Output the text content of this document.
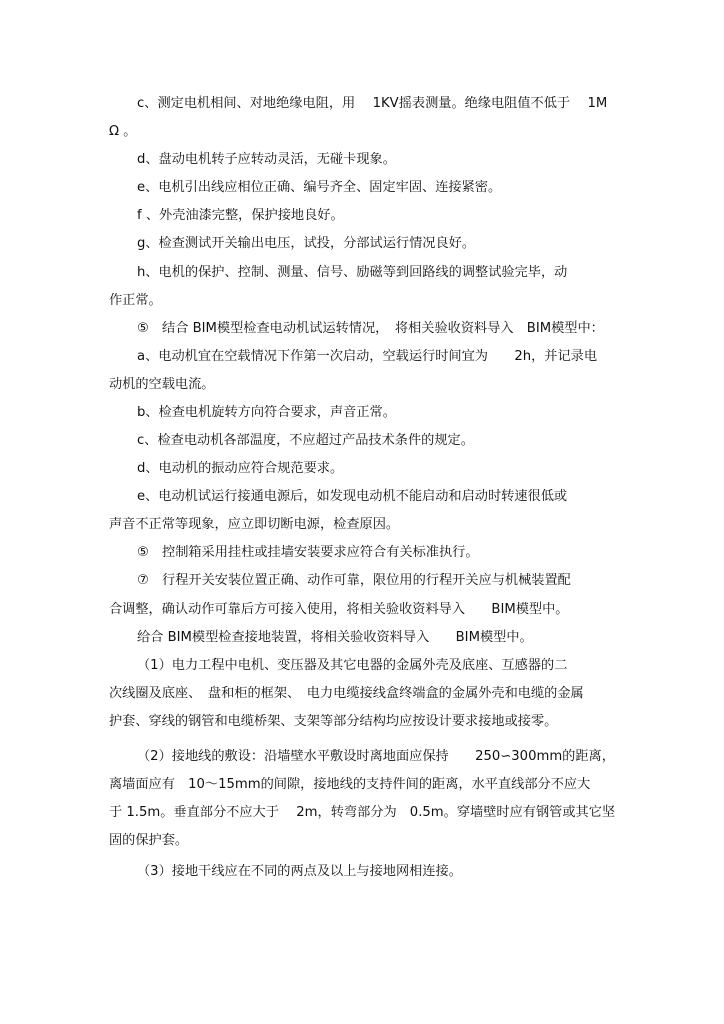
c、测定电机相间、对地绝缘电阻，用　 1KV摇表测量。绝缘电阻值不低于　 1M
Ω 。
d、盘动电机转子应转动灵活，无碰卡现象。
e、电机引出线应相位正确、编号齐全、固定牢固、连接紧密。
f 、外壳油漆完整，保护接地良好。
g、检查测试开关输出电压，试投，分部试运行情况良好。
h、电机的保护、控制、测量、信号、励磁等到回路线的调整试验完毕，动
作正常。
⑤　结合 BIM模型检查电动机试运转情况，　将相关验收资料导入　BIM模型中：
a、电动机宜在空载情况下作第一次启动，空载运行时间宜为　　2h，并记录电
动机的空载电流。
b、检查电机旋转方向符合要求，声音正常。
c、检查电动机各部温度，不应超过产品技术条件的规定。
d、电动机的振动应符合规范要求。
e、电动机试运行接通电源后，如发现电动机不能启动和启动时转速很低或
声音不正常等现象，应立即切断电源，检查原因。
⑤　控制箱采用挂柱或挂墙安装要求应符合有关标准执行。
⑦　行程开关安装位置正确、动作可靠，限位用的行程开关应与机械装置配
合调整，确认动作可靠后方可接入使用，将相关验收资料导入　　BIM模型中。
给合 BIM模型检查接地装置，将相关验收资料导入　　BIM模型中。
（1）电力工程中电机、变压器及其它电器的金属外壳及底座、互感器的二
次线圈及底座、　盘和柜的框架、　电力电缆接线盒终端盒的金属外壳和电缆的金属
护套、穿线的钢管和电缆桥架、支架等部分结构均应按设计要求接地或接零。
（2）接地线的敷设：沿墙壁水平敷设时离地面应保持　　250∽300mm的距离，
离墙面应有　10～15mm的间隙，接地线的支持件间的距离，水平直线部分不应大
于 1.5m。垂直部分不应大于　 2m，转弯部分为　0.5m。穿墙壁时应有钢管或其它坚
固的保护套。
（3）接地干线应在不同的两点及以上与接地网相连接。
